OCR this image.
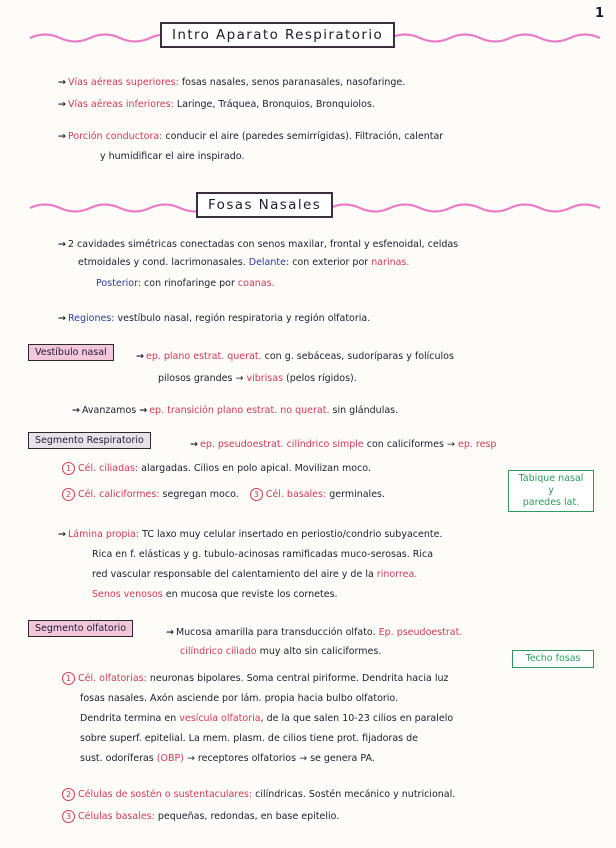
1
Intro Aparato Respiratorio
→ Vías aéreas superiores: fosas nasales, senos paranasales, nasofaringe.
→ Vías aéreas inferiores: Laringe, Tráquea, Bronquios, Bronquiolos.
→ Porción conductora: conducir el aire (paredes semirrígidas). Filtración, calentar
y humidificar el aire inspirado.
Fosas Nasales
→ 2 cavidades simétricas conectadas con senos maxilar, frontal y esfenoidal, celdas
etmoidales y cond. lacrimonasales. Delante: con exterior por narinas.
Posterior: con rinofaringe por coanas.
→ Regiones: vestíbulo nasal, región respiratoria y región olfatoria.
Vestíbulo nasal	→ ep. plano estrat. querat. con g. sebáceas, sudoríparas y folículos
pilosos grandes → vibrisas (pelos rígidos).
→ Avanzamos → ep. transición plano estrat. no querat. sin glándulas.
Segmento Respiratorio	→ ep. pseudoestrat. cilíndrico simple con caliciformes → ep. resp
1 Cél. ciliadas: alargadas. Cilios en polo apical. Movilizan moco.
2 Cél. caliciformes: segregan moco. 3 Cél. basales: germinales.
Tabique nasal
y
paredes lat.
→ Lámina propia: TC laxo muy celular insertado en periostio/condrio subyacente.
Rica en f. elásticas y g. tubulo-acinosas ramificadas muco-serosas. Rica
red vascular responsable del calentamiento del aire y de la rinorrea.
Senos venosos en mucosa que reviste los cornetes.
Segmento olfatorio	→ Mucosa amarilla para transducción olfato. Ep. pseudoestrat.
cilíndrico ciliado muy alto sin caliciformes.
Techo fosas
1 Cél. olfatorias: neuronas bipolares. Soma central piriforme. Dendrita hacia luz
fosas nasales. Axón asciende por lám. propia hacia bulbo olfatorio.
Dendrita termina en vesícula olfatoria, de la que salen 10-23 cilios en paralelo
sobre superf. epitelial. La mem. plasm. de cilios tiene prot. fijadoras de
sust. odoríferas (OBP) → receptores olfatorios → se genera PA.
2 Células de sostén o sustentaculares: cilíndricas. Sostén mecánico y nutricional.
3 Células basales: pequeñas, redondas, en base epitelio.
